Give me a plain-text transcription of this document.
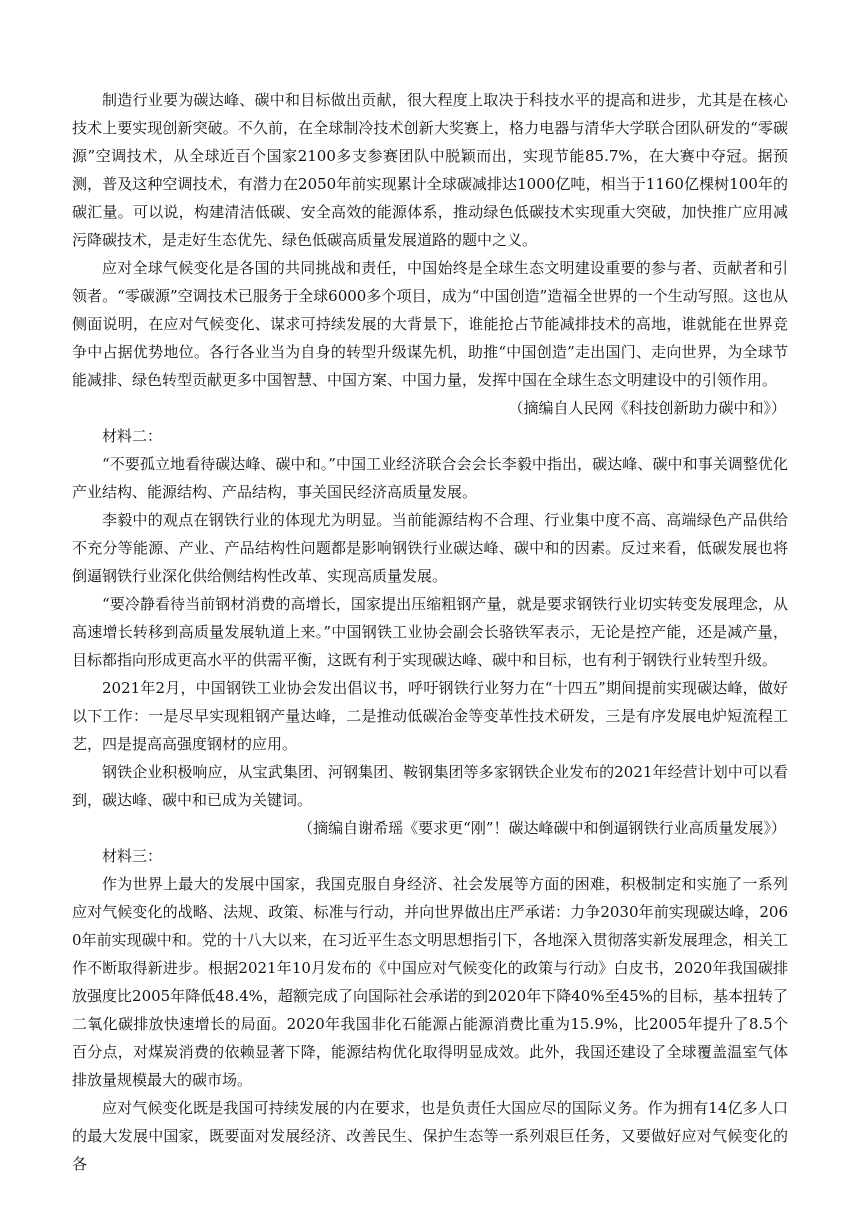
制造行业要为碳达峰、碳中和目标做出贡献，很大程度上取决于科技水平的提高和进步，尤其是在核心技术上要实现创新突破。不久前，在全球制冷技术创新大奖赛上，格力电器与清华大学联合团队研发的“零碳源”空调技术，从全球近百个国家2100多支参赛团队中脱颖而出，实现节能85.7%，在大赛中夺冠。据预测，普及这种空调技术，有潜力在2050年前实现累计全球碳减排达1000亿吨，相当于1160亿棵树100年的碳汇量。可以说，构建清洁低碳、安全高效的能源体系，推动绿色低碳技术实现重大突破，加快推广应用减污降碳技术，是走好生态优先、绿色低碳高质量发展道路的题中之义。

应对全球气候变化是各国的共同挑战和责任，中国始终是全球生态文明建设重要的参与者、贡献者和引领者。“零碳源”空调技术已服务于全球6000多个项目，成为“中国创造”造福全世界的一个生动写照。这也从侧面说明，在应对气候变化、谋求可持续发展的大背景下，谁能抢占节能减排技术的高地，谁就能在世界竞争中占据优势地位。各行各业当为自身的转型升级谋先机，助推“中国创造”走出国门、走向世界，为全球节能减排、绿色转型贡献更多中国智慧、中国方案、中国力量，发挥中国在全球生态文明建设中的引领作用。

（摘编自人民网《科技创新助力碳中和》）

材料二：

“不要孤立地看待碳达峰、碳中和。”中国工业经济联合会会长李毅中指出，碳达峰、碳中和事关调整优化产业结构、能源结构、产品结构，事关国民经济高质量发展。

李毅中的观点在钢铁行业的体现尤为明显。当前能源结构不合理、行业集中度不高、高端绿色产品供给不充分等能源、产业、产品结构性问题都是影响钢铁行业碳达峰、碳中和的因素。反过来看，低碳发展也将倒逼钢铁行业深化供给侧结构性改革、实现高质量发展。

“要冷静看待当前钢材消费的高增长，国家提出压缩粗钢产量，就是要求钢铁行业切实转变发展理念，从高速增长转移到高质量发展轨道上来。”中国钢铁工业协会副会长骆铁军表示，无论是控产能，还是减产量，目标都指向形成更高水平的供需平衡，这既有利于实现碳达峰、碳中和目标，也有利于钢铁行业转型升级。

2021年2月，中国钢铁工业协会发出倡议书，呼吁钢铁行业努力在“十四五”期间提前实现碳达峰，做好以下工作：一是尽早实现粗钢产量达峰，二是推动低碳冶金等变革性技术研发，三是有序发展电炉短流程工艺，四是提高高强度钢材的应用。

钢铁企业积极响应，从宝武集团、河钢集团、鞍钢集团等多家钢铁企业发布的2021年经营计划中可以看到，碳达峰、碳中和已成为关键词。

（摘编自谢希瑶《要求更“刚”！碳达峰碳中和倒逼钢铁行业高质量发展》）

材料三：

作为世界上最大的发展中国家，我国克服自身经济、社会发展等方面的困难，积极制定和实施了一系列应对气候变化的战略、法规、政策、标准与行动，并向世界做出庄严承诺：力争2030年前实现碳达峰，2060年前实现碳中和。党的十八大以来，在习近平生态文明思想指引下，各地深入贯彻落实新发展理念，相关工作不断取得新进步。根据2021年10月发布的《中国应对气候变化的政策与行动》白皮书，2020年我国碳排放强度比2005年降低48.4%，超额完成了向国际社会承诺的到2020年下降40%至45%的目标，基本扭转了二氧化碳排放快速增长的局面。2020年我国非化石能源占能源消费比重为15.9%，比2005年提升了8.5个百分点，对煤炭消费的依赖显著下降，能源结构优化取得明显成效。此外，我国还建设了全球覆盖温室气体排放量规模最大的碳市场。

应对气候变化既是我国可持续发展的内在要求，也是负责任大国应尽的国际义务。作为拥有14亿多人口的最大发展中国家，既要面对发展经济、改善民生、保护生态等一系列艰巨任务，又要做好应对气候变化的各
